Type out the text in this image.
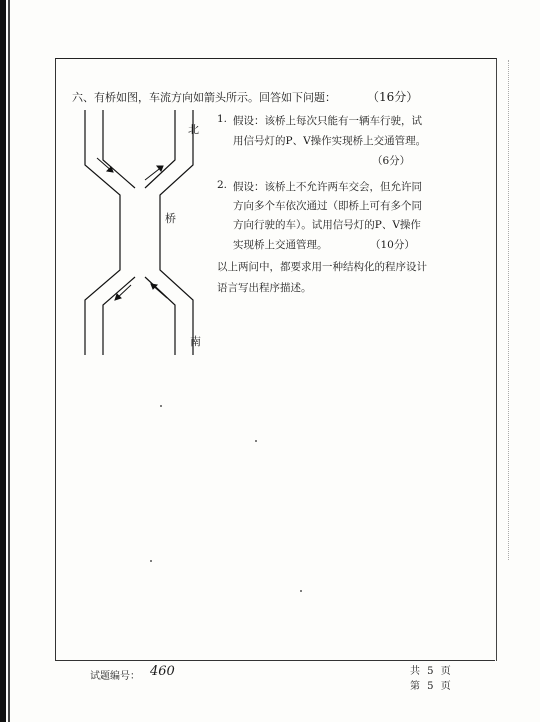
六、有桥如图，车流方向如箭头所示。回答如下问题：	（16分）
北
桥
南
1. 假设：该桥上每次只能有一辆车行驶，试
用信号灯的P、V操作实现桥上交通管理。
（6分）
2. 假设：该桥上不允许两车交会，但允许同
方向多个车依次通过（即桥上可有多个同
方向行驶的车）。试用信号灯的P、V操作
实现桥上交通管理。	（10分）
以上两问中，都要求用一种结构化的程序设计
语言写出程序描述。
试题编号： 460	共 5 页
第 5 页
